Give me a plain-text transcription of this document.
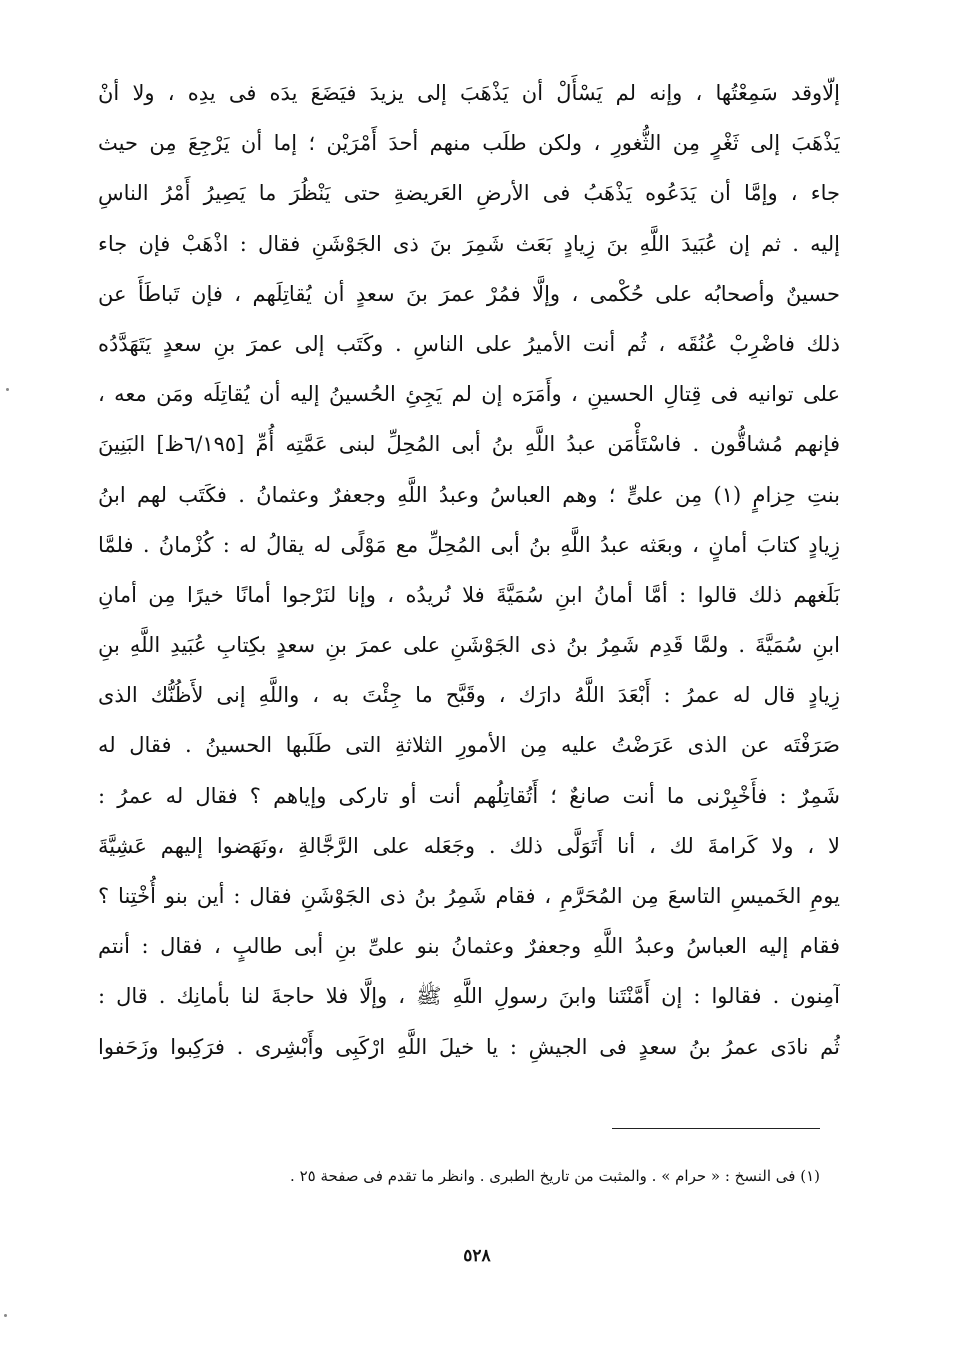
إلّاوقد سَمِعْتُها ، وإنه لم يَسْأَلْ أن يَذْهَبَ إلى يزيدَ فيَضَعَ يدَه فى يدِه ، ولا أنْ
يَذْهَبَ إلى ثَغْرٍ مِن الثُّغورِ ، ولكن طلَب منهم أحدَ أَمْرَيْن ؛ إما أن يَرْجِعَ مِن حيث
جاء ، وإمَّا أن يَدَعُوه يَذْهَبُ فى الأرضِ العَريضةِ حتى يَنْظُرَ ما يَصِيرُ أَمْرُ الناسِ
إليه . ثم إن عُبَيدَ اللَّهِ بنَ زِيادٍ بَعَث شَمِرَ بنَ ذى الجَوْشَنِ فقال : اذْهَبْ فإن جاء
حسينٌ وأصحابُه على حُكْمى ، وإلَّا فمُرْ عمرَ بنَ سعدٍ أن يُقاتِلَهم ، فإن تَباطَأَ عن
ذلك فاضْرِبْ عُنُقَه ، ثُم أنت الأميرُ على الناسِ . وكَتَب إلى عمرَ بنِ سعدٍ يَتَهَدَّدُه
على توانيه فى قِتالِ الحسينِ ، وأَمَرَه إن لم يَجِئِ الحُسينُ إليه أن يُقاتِلَه ومَن معه ،
فإنهم مُشاقُّون . فاسْتَأْمَن عبدُ اللَّهِ بنُ أبى المُحِلِّ لبنى عَمَّتِه أُمِّ [٦/١٩٥ظ] البَنِينَ
بنتِ حِزامٍ (١) مِن علىٍّ ؛ وهم العباسُ وعبدُ اللَّهِ وجعفرٌ وعثمانُ . فكَتَب لهم ابنُ
زِيادٍ كتابَ أمانٍ ، وبعَثه عبدُ اللَّهِ بنُ أبى المُحِلِّ مع مَوْلًى له يقالُ له : كُزْمانُ . فلمَّا
بَلَغهم ذلك قالوا : أمَّا أمانُ ابنِ سُمَيَّةَ فلا نُريدُه ، وإنا لنَرْجوا أمانًا خيرًا مِن أمانِ
ابنِ سُمَيَّةَ . ولمَّا قَدِم شَمِرُ بنُ ذى الجَوْشَنِ على عمرَ بنِ سعدٍ بكِتابِ عُبَيدِ اللَّهِ بنِ
زِيادٍ قال له عمرُ : أَبْعَدَ اللَّهُ دارَك ، وقَبَّح ما جِئْتَ به ، واللَّهِ إنى لأَظُنُّك الذى
صَرَفْتَه عن الذى عَرَضْتُ عليه مِن الأمورِ الثلاثةِ التى طَلَبها الحسينُ . فقال له
شَمِرٌ : فأَخْبِرْنى ما أنت صانعٌ ؛ أَتُقاتِلُهم أنت أو تاركى وإياهم ؟ فقال له عمرُ :
لا ، ولا كَرامةَ لك ، أنا أَتَوَلَّى ذلك . وجَعَله على الرَّجَّالةِ ،ونَهَضوا إليهم عَشِيَّةَ
يومِ الخَميسِ التاسعَ مِن المُحَرَّمِ ، فقام شَمِرُ بنُ ذى الجَوْشَنِ فقال : أين بنو أُخْتِنا ؟
فقام إليه العباسُ وعبدُ اللَّهِ وجعفرٌ وعثمانُ بنو علىِّ بنِ أبى طالبٍ ، فقال : أنتم
آمِنون . فقالوا : إن أَمَّنْتَنا وابنَ رسولِ اللَّهِ ﷺ ، وإلَّا فلا حاجةَ لنا بأمانِك . قال :
ثُم نادَى عمرُ بنُ سعدٍ فى الجيشِ : يا خيلَ اللَّهِ ارْكَبِى وأَبْشِرى . فرَكِبوا وزَحَفوا
(١) فى النسخ : « حرام » . والمثبت من تاريخ الطبرى . وانظر ما تقدم فى صفحة ٢٥ .
٥٢٨
